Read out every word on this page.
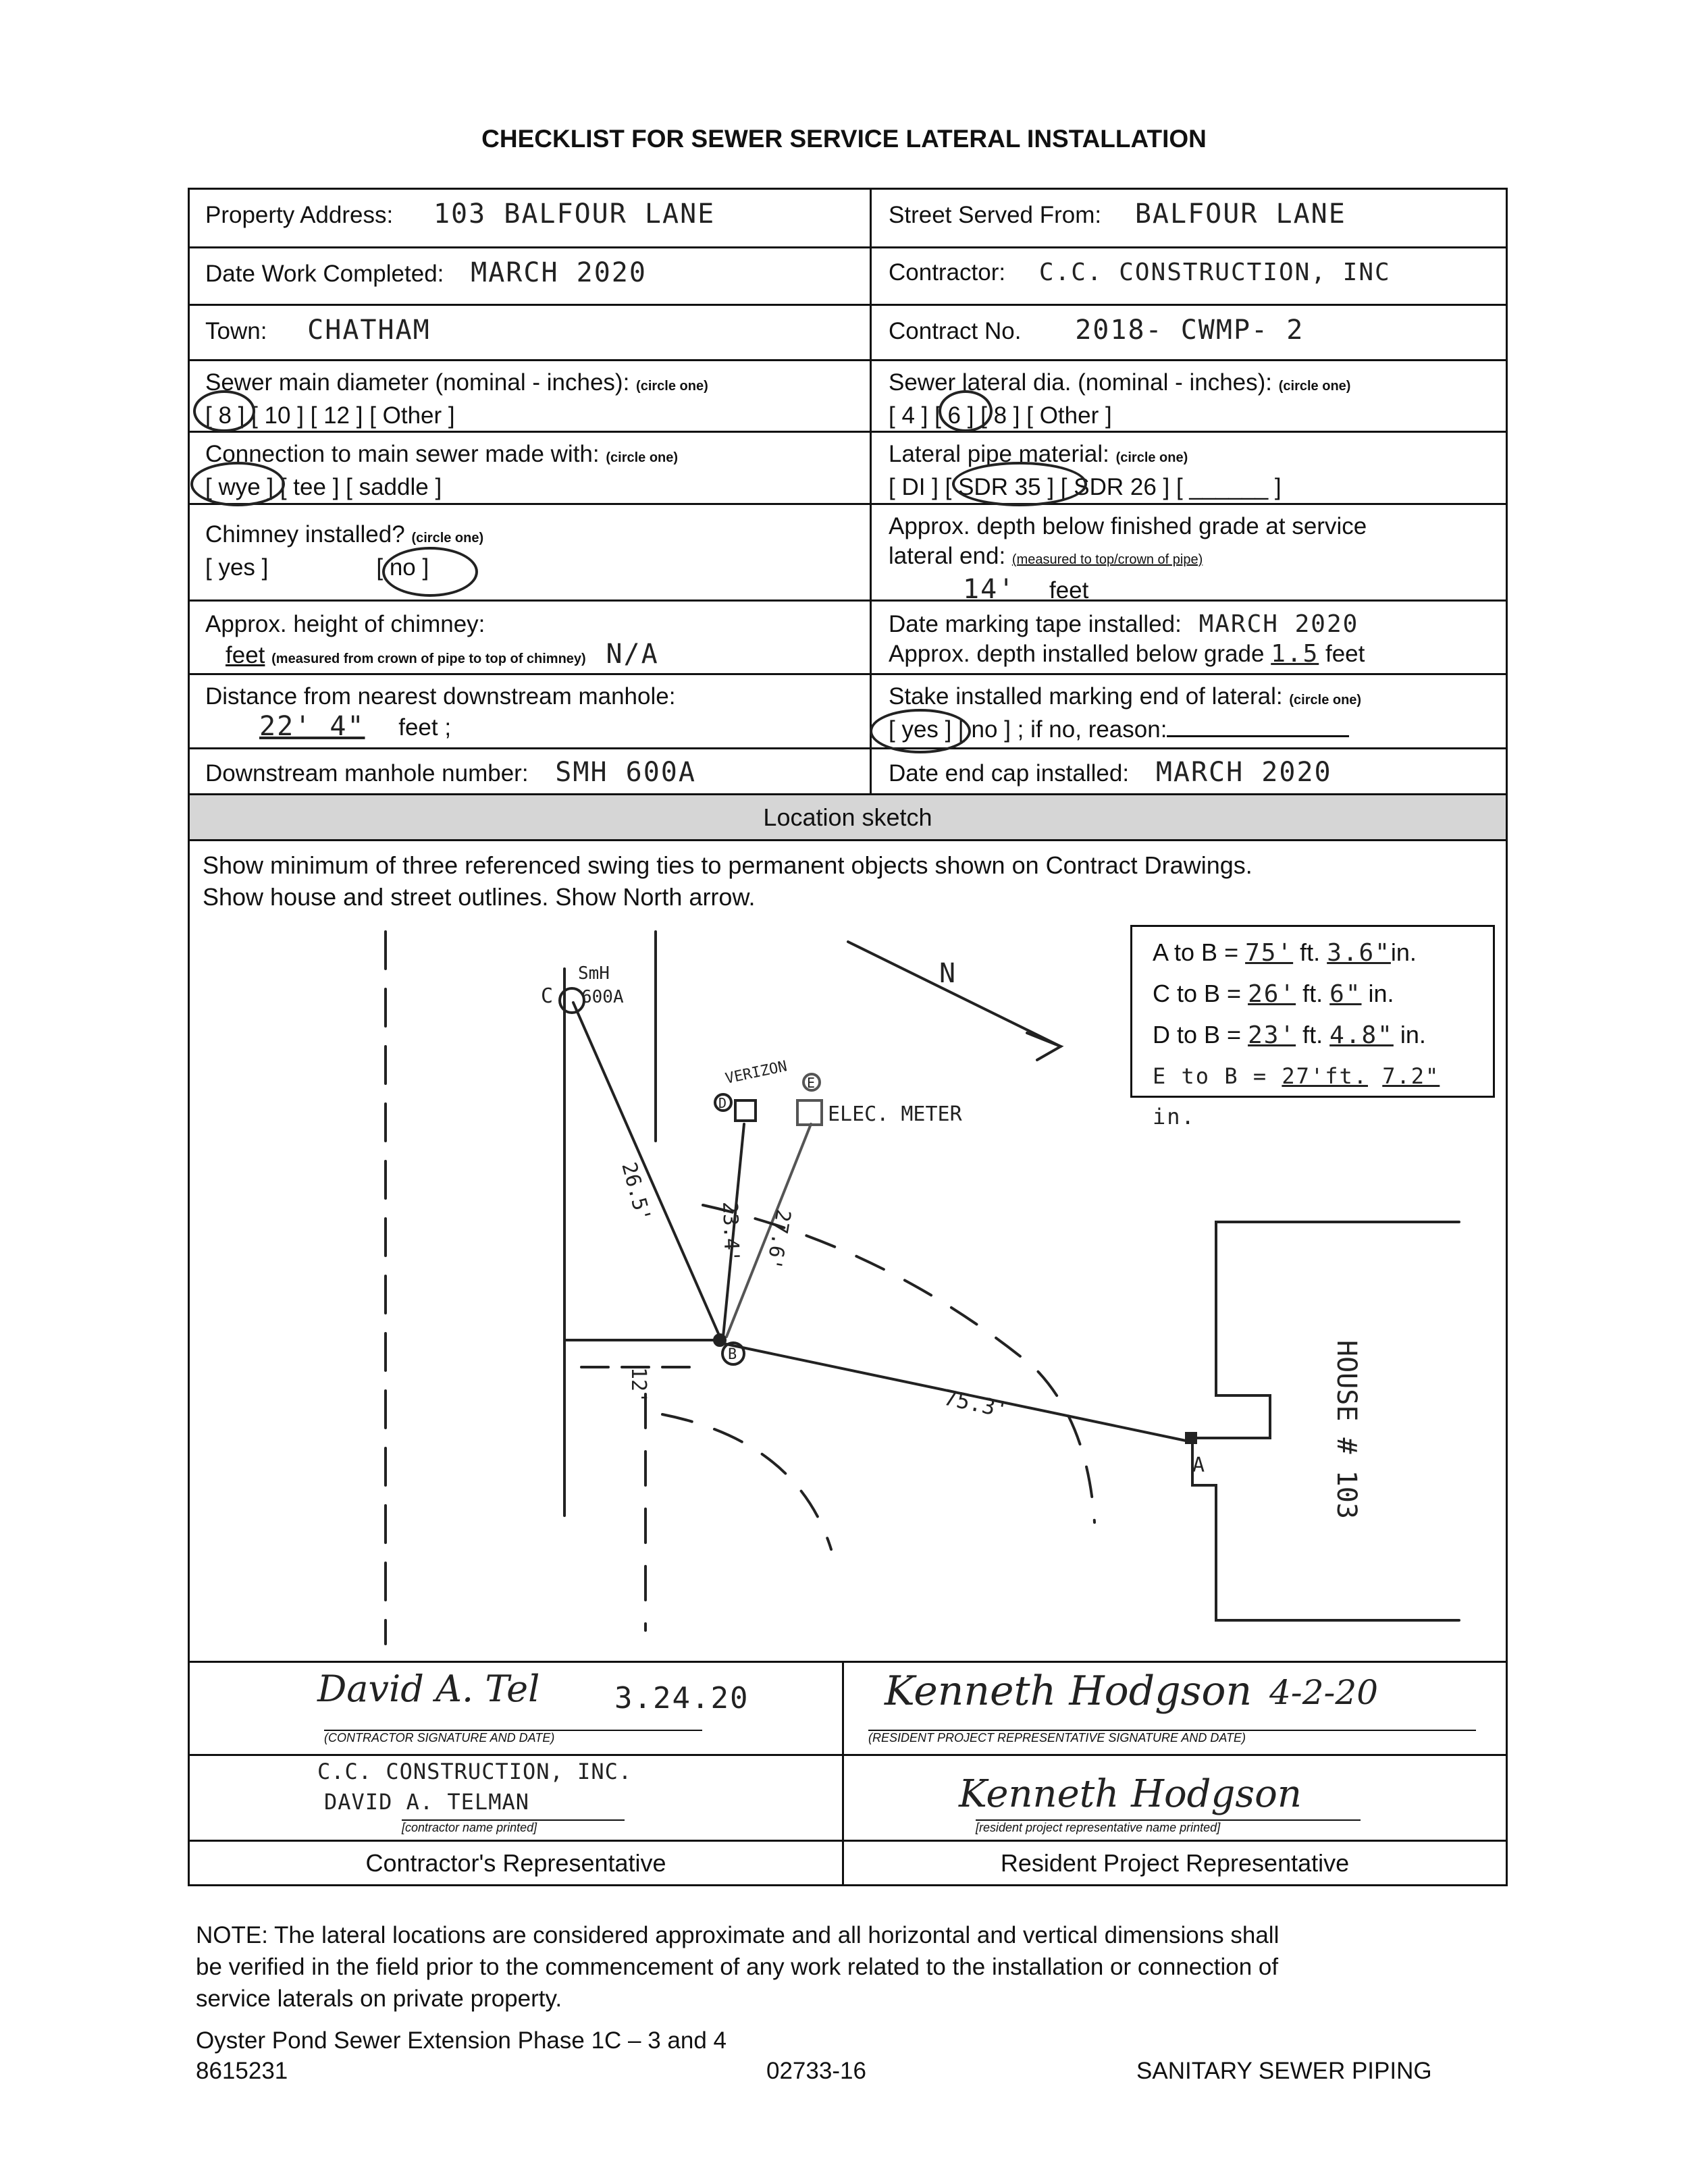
CHECKLIST FOR SEWER SERVICE LATERAL INSTALLATION
Property Address: 103 BALFOUR LANE	Street Served From: BALFOUR LANE
Date Work Completed: MARCH 2020	Contractor: C.C. CONSTRUCTION, INC
Town: CHATHAM	Contract No. 2018- CWMP- 2
Sewer main diameter (nominal - inches): (circle one)
[ 8 ] [ 10 ] [ 12 ] [ Other ]
Sewer lateral dia. (nominal - inches): (circle one)
[ 4 ] [ 6 ] [ 8 ] [ Other ]
Connection to main sewer made with: (circle one)
[ wye ] [ tee ] [ saddle ]
Lateral pipe material: (circle one)
[ DI ] [ SDR 35 ] [ SDR 26 ] [ ______ ]
Chimney installed? (circle one)
[ yes ]	[ no ]
Approx. depth below finished grade at service
lateral end: (measured to top/crown of pipe)
14' feet
Approx. height of chimney:
feet (measured from crown of pipe to top of chimney) N/A
Date marking tape installed: MARCH 2020
Approx. depth installed below grade 1.5 feet
Distance from nearest downstream manhole:
22' 4" feet ;
Stake installed marking end of lateral: (circle one)
[ yes ] [ no ] ; if no, reason:
Downstream manhole number: SMH 600A	Date end cap installed: MARCH 2020
Location sketch
Show minimum of three referenced swing ties to permanent objects shown on Contract Drawings.
Show house and street outlines. Show North arrow.
A to B = 75' ft. 3.6"in.
C to B = 26' ft. 6" in.
D to B = 23' ft. 4.8" in.
E to B = 27'ft. 7.2" in.
N
SmH
600A
C
VERIZON
D
E
ELEC. METER
26.5'
23.4' 27.6'
12'	75.3'
B
A	HOUSE # 103
David A. Tel	3.24.20
(CONTRACTOR SIGNATURE AND DATE)
Kenneth Hodgson 4-2-20
(RESIDENT PROJECT REPRESENTATIVE SIGNATURE AND DATE)
C.C. CONSTRUCTION, INC.
DAVID A. TELMAN
[contractor name printed]
Kenneth Hodgson
[resident project representative name printed]
Contractor's Representative	Resident Project Representative
NOTE: The lateral locations are considered approximate and all horizontal and vertical dimensions shall
be verified in the field prior to the commencement of any work related to the installation or connection of
service laterals on private property.
Oyster Pond Sewer Extension Phase 1C – 3 and 4
8615231	02733-16	SANITARY SEWER PIPING
